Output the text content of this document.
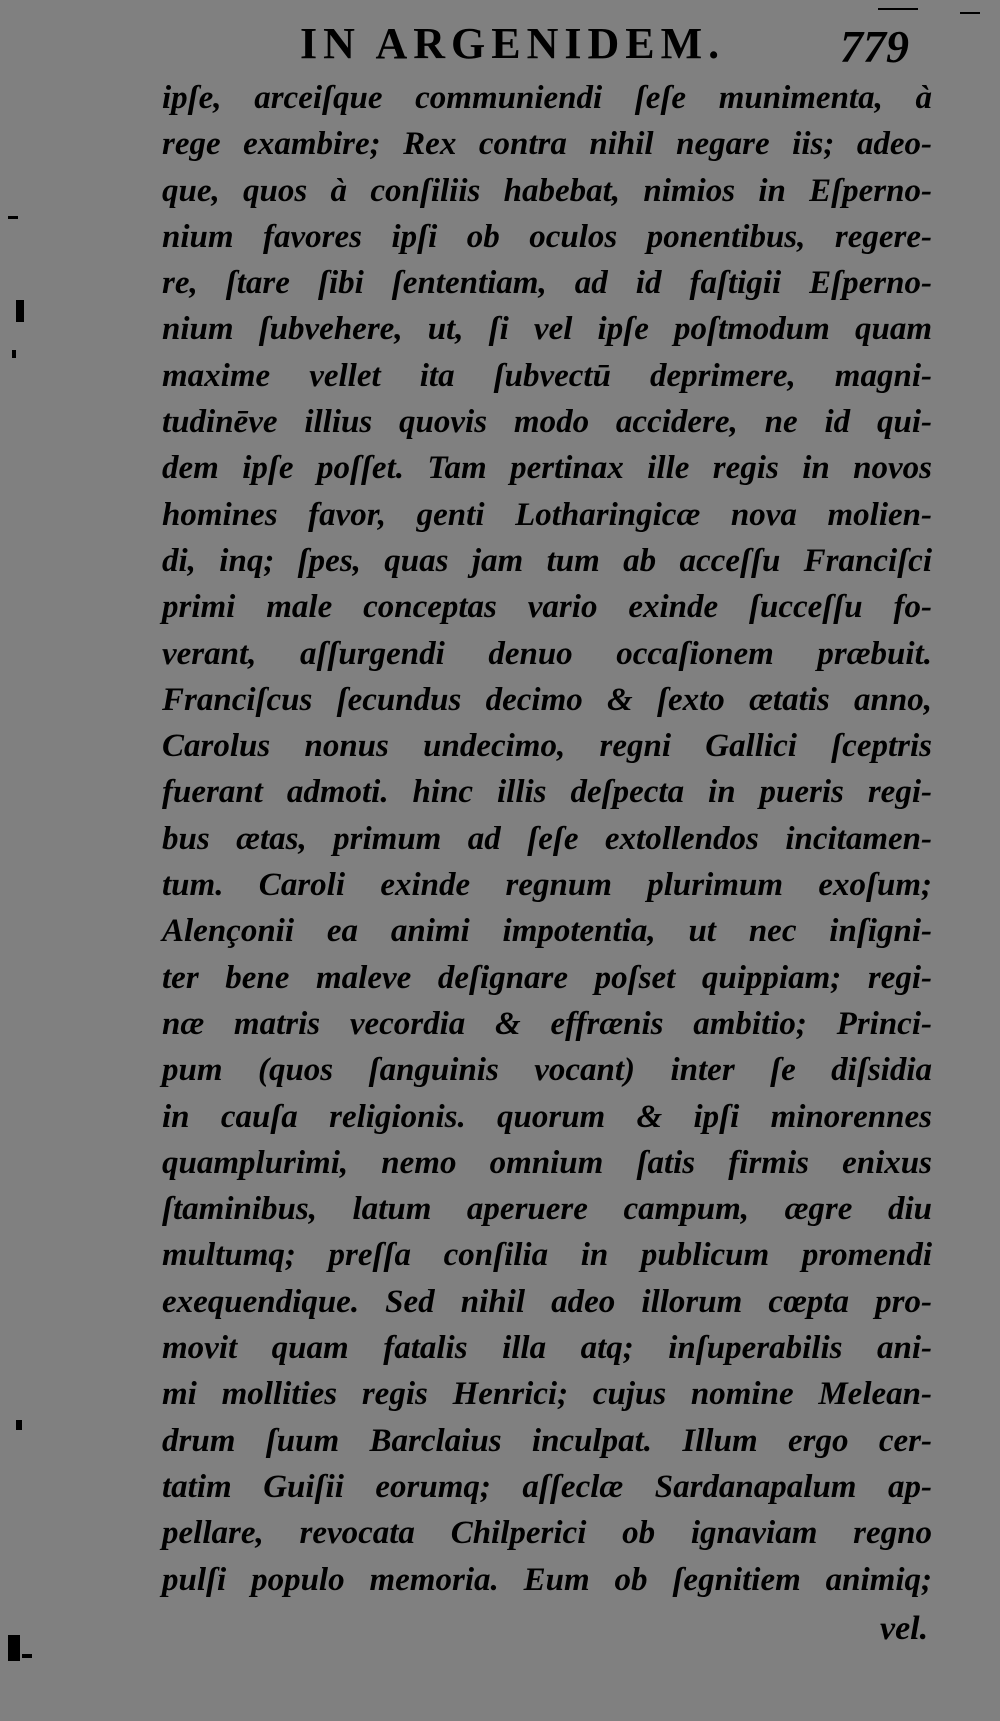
IN ARGENIDEM. 779
ipſe, arceiſque communiendi ſeſe munimenta, à
rege exambire; Rex contra nihil negare iis; adeo-
que, quos à conſiliis habebat, nimios in Eſperno-
nium favores ipſi ob oculos ponentibus, regere-
re, ſtare ſibi ſententiam, ad id faſtigii Eſperno-
nium ſubvehere, ut, ſi vel ipſe poſtmodum quam
maxime vellet ita ſubvectū deprimere, magni-
tudinēve illius quovis modo accidere, ne id qui-
dem ipſe poſſet. Tam pertinax ille regis in novos
homines favor, genti Lotharingicæ nova molien-
di, inq; ſpes, quas jam tum ab acceſſu Franciſci
primi male conceptas vario exinde ſucceſſu fo-
verant, aſſurgendi denuo occaſionem præbuit.
Franciſcus ſecundus decimo & ſexto ætatis anno,
Carolus nonus undecimo, regni Gallici ſceptris
fuerant admoti. hinc illis deſpecta in pueris regi-
bus ætas, primum ad ſeſe extollendos incitamen-
tum. Caroli exinde regnum plurimum exoſum;
Alençonii ea animi impotentia, ut nec inſigni-
ter bene maleve deſignare poſset quippiam; regi-
næ matris vecordia & effrænis ambitio; Princi-
pum (quos ſanguinis vocant) inter ſe diſsidia
in cauſa religionis. quorum & ipſi minorennes
quamplurimi, nemo omnium ſatis firmis enixus
ſtaminibus, latum aperuere campum, ægre diu
multumq; preſſa conſilia in publicum promendi
exequendique. Sed nihil adeo illorum cœpta pro-
movit quam fatalis illa atq; inſuperabilis ani-
mi mollities regis Henrici; cujus nomine Melean-
drum ſuum Barclaius inculpat. Illum ergo cer-
tatim Guiſii eorumq; aſſeclæ Sardanapalum ap-
pellare, revocata Chilperici ob ignaviam regno
pulſi populo memoria. Eum ob ſegnitiem animiq;
vel.
